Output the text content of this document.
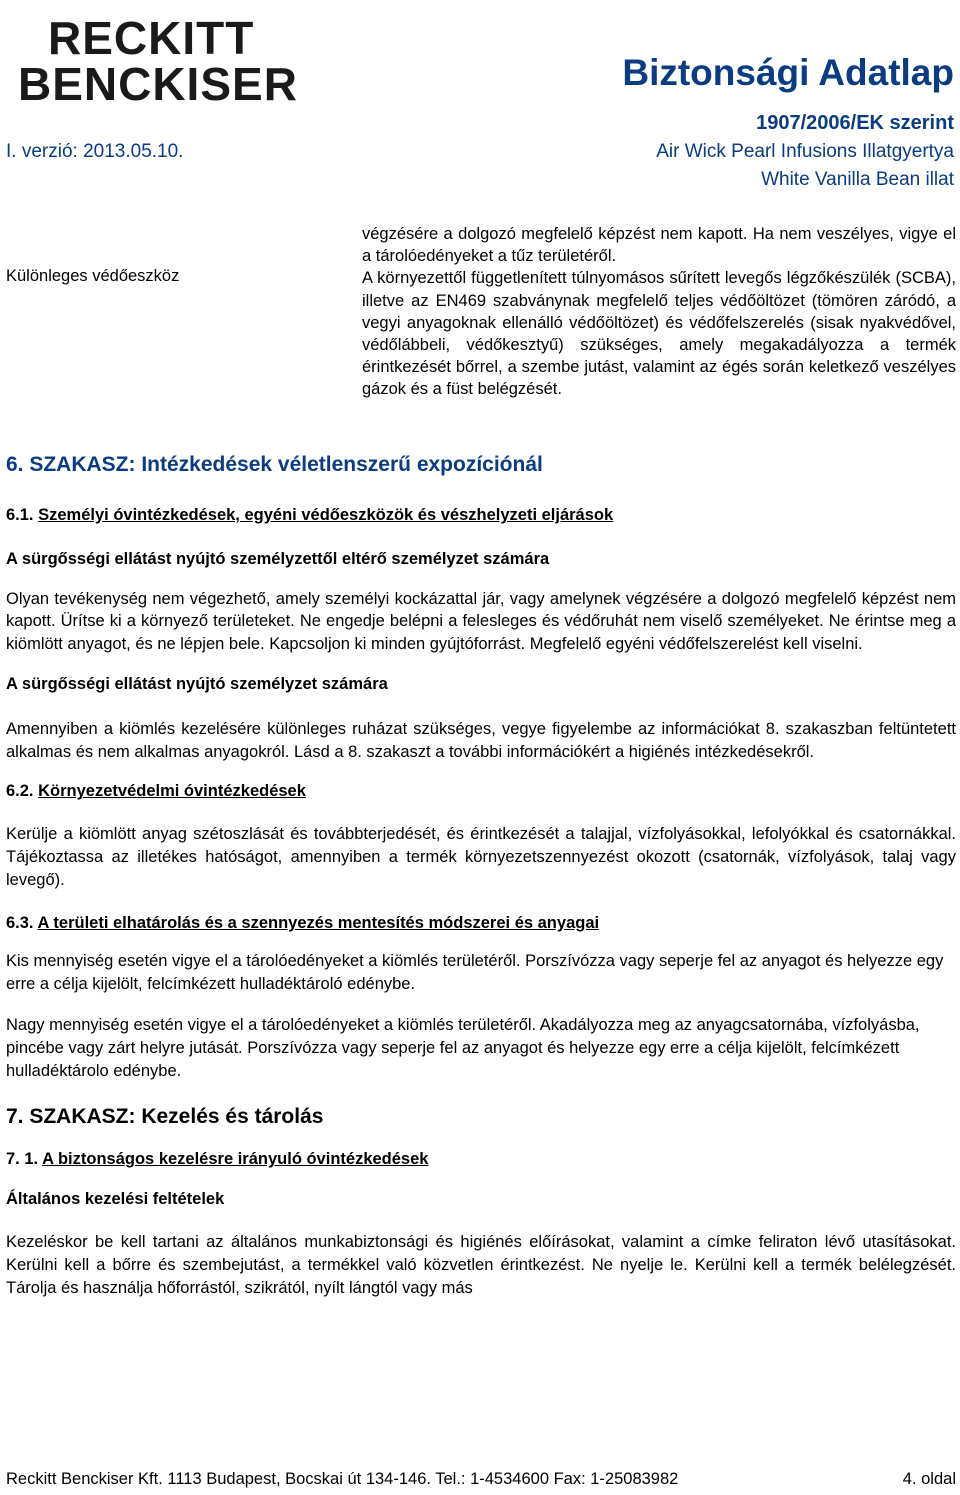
RECKITT
BENCKISER	Biztonsági Adatlap
1907/2006/EK szerint
I. verzió: 2013.05.10.	Air Wick Pearl Infusions Illatgyertya
White Vanilla Bean illat
Különleges védőeszköz

végzésére a dolgozó megfelelő képzést nem kapott. Ha nem veszélyes, vigye el a tárolóedényeket a tűz területéről.

A környezettől függetlenített túlnyomásos sűrített levegős légzőkészülék (SCBA), illetve az EN469 szabványnak megfelelő teljes védőöltözet (tömören záródó, a vegyi anyagoknak ellenálló védőöltözet) és védőfelszerelés (sisak nyakvédővel, védőlábbeli, védőkesztyű) szükséges, amely megakadályozza a termék érintkezését bőrrel, a szembe jutást, valamint az égés során keletkező veszélyes gázok és a füst belégzését.

6. SZAKASZ: Intézkedések véletlenszerű expozíciónál

6.1. Személyi óvintézkedések, egyéni védőeszközök és vészhelyzeti eljárások

A sürgősségi ellátást nyújtó személyzettől eltérő személyzet számára

Olyan tevékenység nem végezhető, amely személyi kockázattal jár, vagy amelynek végzésére a dolgozó megfelelő képzést nem kapott. Ürítse ki a környező területeket. Ne engedje belépni a felesleges és védőruhát nem viselő személyeket. Ne érintse meg a kiömlött anyagot, és ne lépjen bele. Kapcsoljon ki minden gyújtóforrást. Megfelelő egyéni védőfelszerelést kell viselni.

A sürgősségi ellátást nyújtó személyzet számára

Amennyiben a kiömlés kezelésére különleges ruházat szükséges, vegye figyelembe az információkat 8. szakaszban feltüntetett alkalmas és nem alkalmas anyagokról. Lásd a 8. szakaszt a további információkért a higiénés intézkedésekről.

6.2. Környezetvédelmi óvintézkedések

Kerülje a kiömlött anyag szétoszlását és továbbterjedését, és érintkezését a talajjal, vízfolyásokkal, lefolyókkal és csatornákkal. Tájékoztassa az illetékes hatóságot, amennyiben a termék környezetszennyezést okozott (csatornák, vízfolyások, talaj vagy levegő).

6.3. A területi elhatárolás és a szennyezés mentesítés módszerei és anyagai

Kis mennyiség esetén vigye el a tárolóedényeket a kiömlés területéről. Porszívózza vagy seperje fel az anyagot és helyezze egy erre a célja kijelölt, felcímkézett hulladéktároló edénybe.

Nagy mennyiség esetén vigye el a tárolóedényeket a kiömlés területéről. Akadályozza meg az anyagcsatornába, vízfolyásba, pincébe vagy zárt helyre jutását. Porszívózza vagy seperje fel az anyagot és helyezze egy erre a célja kijelölt, felcímkézett hulladéktárolo edénybe.

7. SZAKASZ: Kezelés és tárolás

7. 1. A biztonságos kezelésre irányuló óvintézkedések

Általános kezelési feltételek

Kezeléskor be kell tartani az általános munkabiztonsági és higiénés előírásokat, valamint a címke feliraton lévő utasításokat. Kerülni kell a bőrre és szembejutást, a termékkel való közvetlen érintkezést. Ne nyelje le. Kerülni kell a termék belélegzését. Tárolja és használja hőforrástól, szikrától, nyílt lángtól vagy más

Reckitt Benckiser Kft. 1113 Budapest, Bocskai út 134-146. Tel.: 1-4534600 Fax: 1-25083982	4. oldal
